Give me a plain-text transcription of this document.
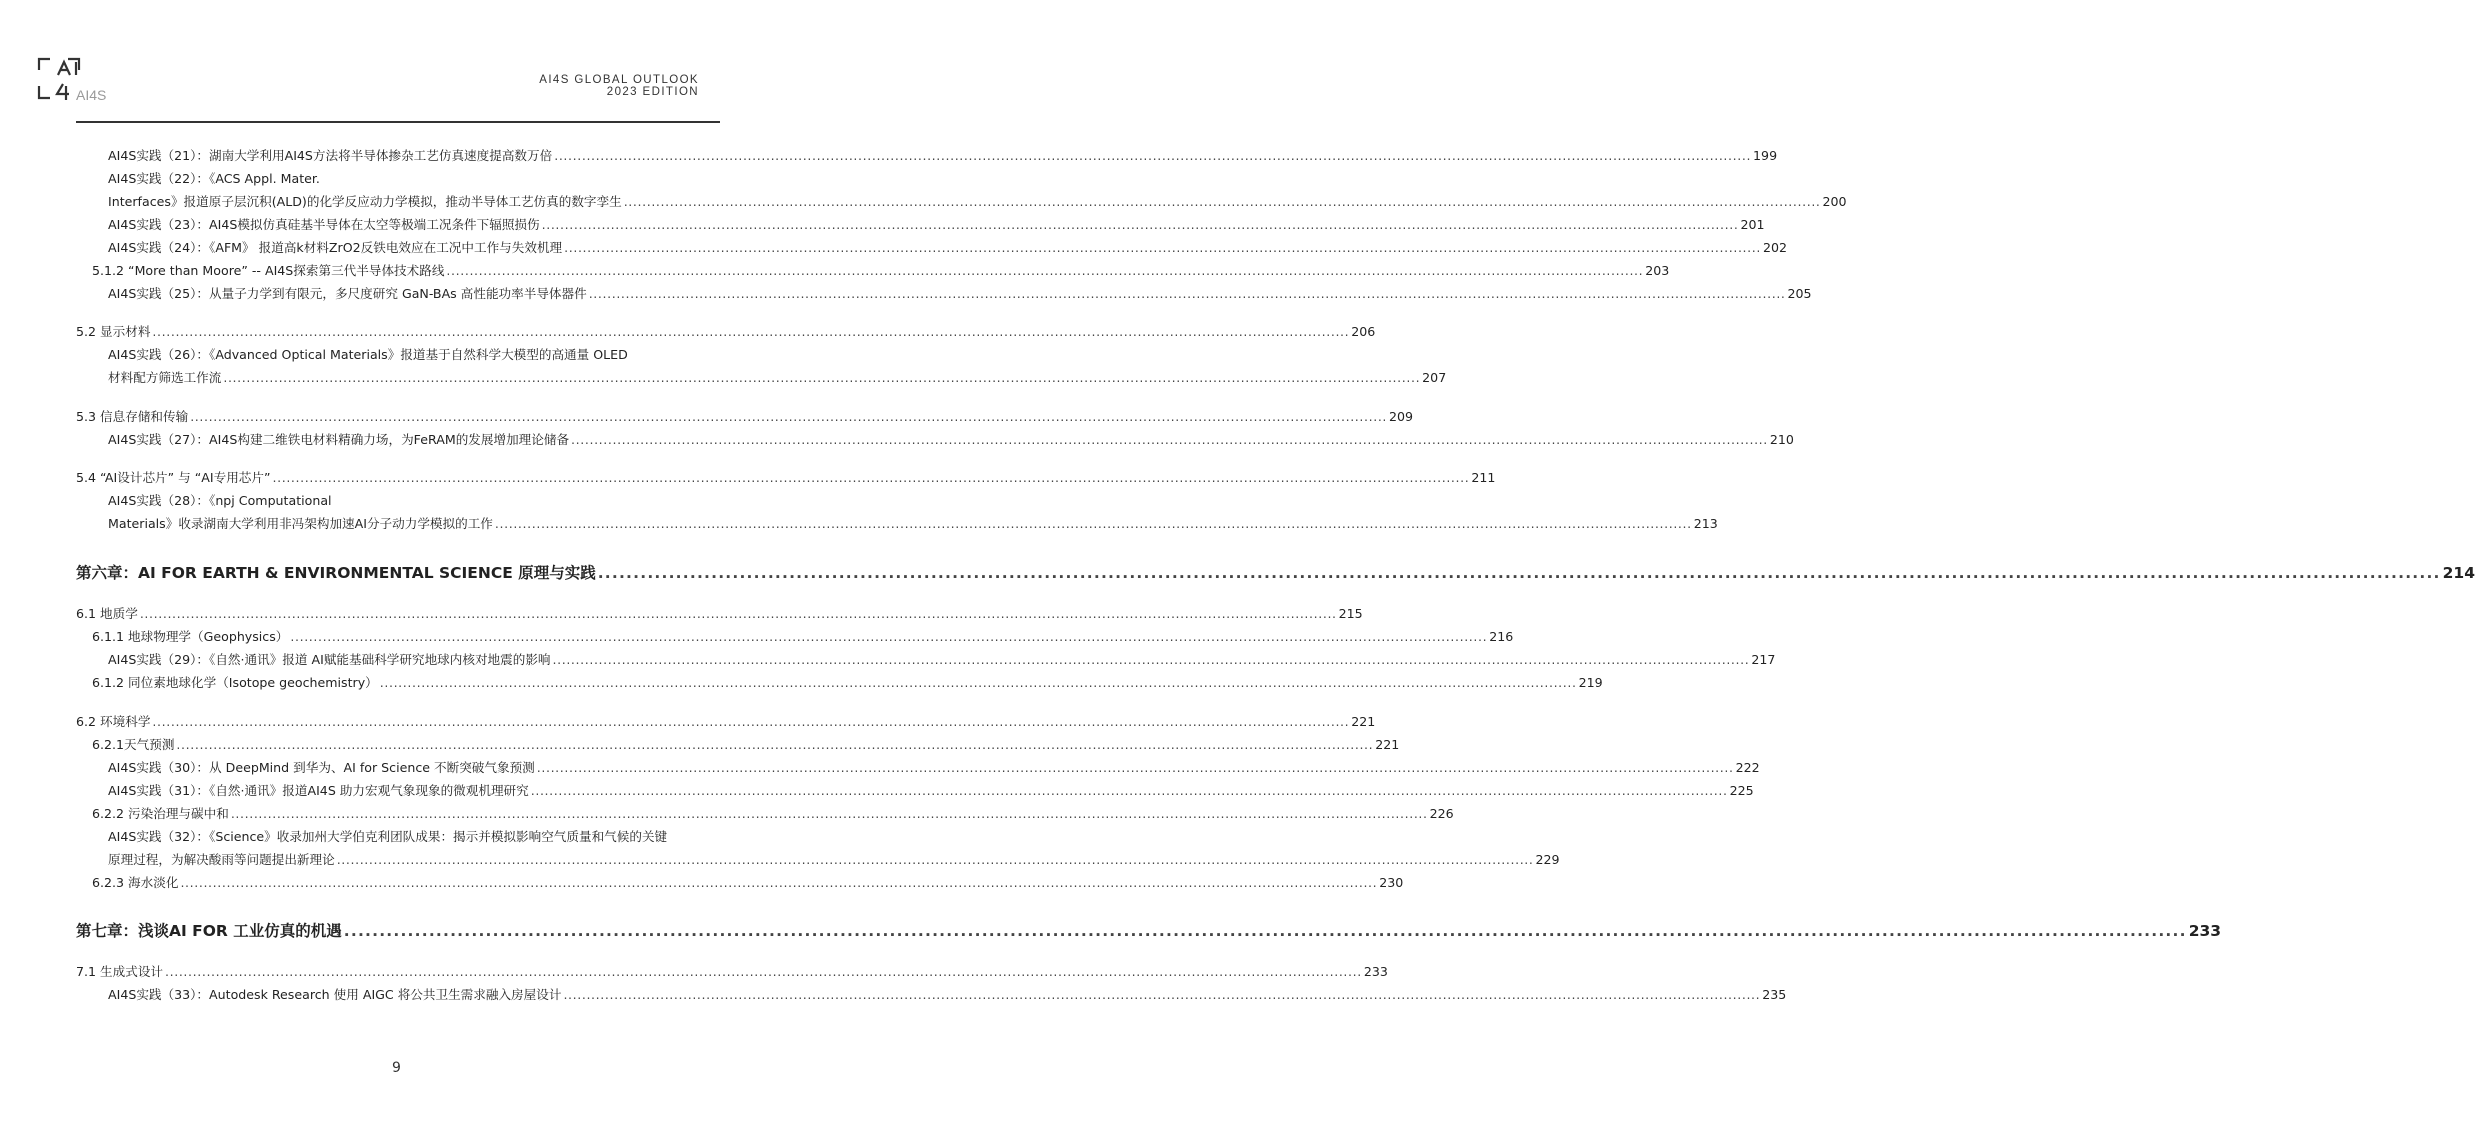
AI4S
AI4S GLOBAL OUTLOOK
2023 EDITION
AI4S实践（21）：湖南大学利用AI4S方法将半导体掺杂工艺仿真速度提高数万倍 .................................................................................................................................................................................................................................................................... 199
AI4S实践（22）：《ACS Appl. Mater.
Interfaces》报道原子层沉积(ALD)的化学反应动力学模拟，推动半导体工艺仿真的数字孪生 .................................................................................................................................................................................................................................................................... 200
AI4S实践（23）：AI4S模拟仿真硅基半导体在太空等极端工况条件下辐照损伤 .................................................................................................................................................................................................................................................................... 201
AI4S实践（24）：《AFM》 报道高k材料ZrO2反铁电效应在工况中工作与失效机理 .................................................................................................................................................................................................................................................................... 202
5.1.2 “More than Moore” -- AI4S探索第三代半导体技术路线 .................................................................................................................................................................................................................................................................... 203
AI4S实践（25）：从量子力学到有限元，多尺度研究 GaN-BAs 高性能功率半导体器件 .................................................................................................................................................................................................................................................................... 205
5.2 显示材料 .................................................................................................................................................................................................................................................................... 206
AI4S实践（26）：《Advanced Optical Materials》报道基于自然科学大模型的高通量 OLED
材料配方筛选工作流 .................................................................................................................................................................................................................................................................... 207
5.3 信息存储和传输 .................................................................................................................................................................................................................................................................... 209
AI4S实践（27）：AI4S构建二维铁电材料精确力场，为FeRAM的发展增加理论储备 .................................................................................................................................................................................................................................................................... 210
5.4 “AI设计芯片” 与 “AI专用芯片” .................................................................................................................................................................................................................................................................... 211
AI4S实践（28）：《npj Computational
Materials》收录湖南大学利用非冯架构加速AI分子动力学模拟的工作 .................................................................................................................................................................................................................................................................... 213
第六章：AI FOR EARTH & ENVIRONMENTAL SCIENCE 原理与实践 .................................................................................................................................................................................................................................................................... 214
6.1 地质学 .................................................................................................................................................................................................................................................................... 215
6.1.1 地球物理学（Geophysics） .................................................................................................................................................................................................................................................................... 216
AI4S实践（29）：《自然·通讯》报道 AI赋能基础科学研究地球内核对地震的影响 .................................................................................................................................................................................................................................................................... 217
6.1.2 同位素地球化学（Isotope geochemistry） .................................................................................................................................................................................................................................................................... 219
6.2 环境科学 .................................................................................................................................................................................................................................................................... 221
6.2.1天气预测 .................................................................................................................................................................................................................................................................... 221
AI4S实践（30）：从 DeepMind 到华为、AI for Science 不断突破气象预测 .................................................................................................................................................................................................................................................................... 222
AI4S实践（31）：《自然·通讯》报道AI4S 助力宏观气象现象的微观机理研究 .................................................................................................................................................................................................................................................................... 225
6.2.2 污染治理与碳中和 .................................................................................................................................................................................................................................................................... 226
AI4S实践（32）：《Science》收录加州大学伯克利团队成果：揭示并模拟影响空气质量和气候的关键
原理过程，为解决酸雨等问题提出新理论 .................................................................................................................................................................................................................................................................... 229
6.2.3 海水淡化 .................................................................................................................................................................................................................................................................... 230
第七章：浅谈AI FOR 工业仿真的机遇 .................................................................................................................................................................................................................................................................... 233
7.1 生成式设计 .................................................................................................................................................................................................................................................................... 233
AI4S实践（33）：Autodesk Research 使用 AIGC 将公共卫生需求融入房屋设计 .................................................................................................................................................................................................................................................................... 235
9
